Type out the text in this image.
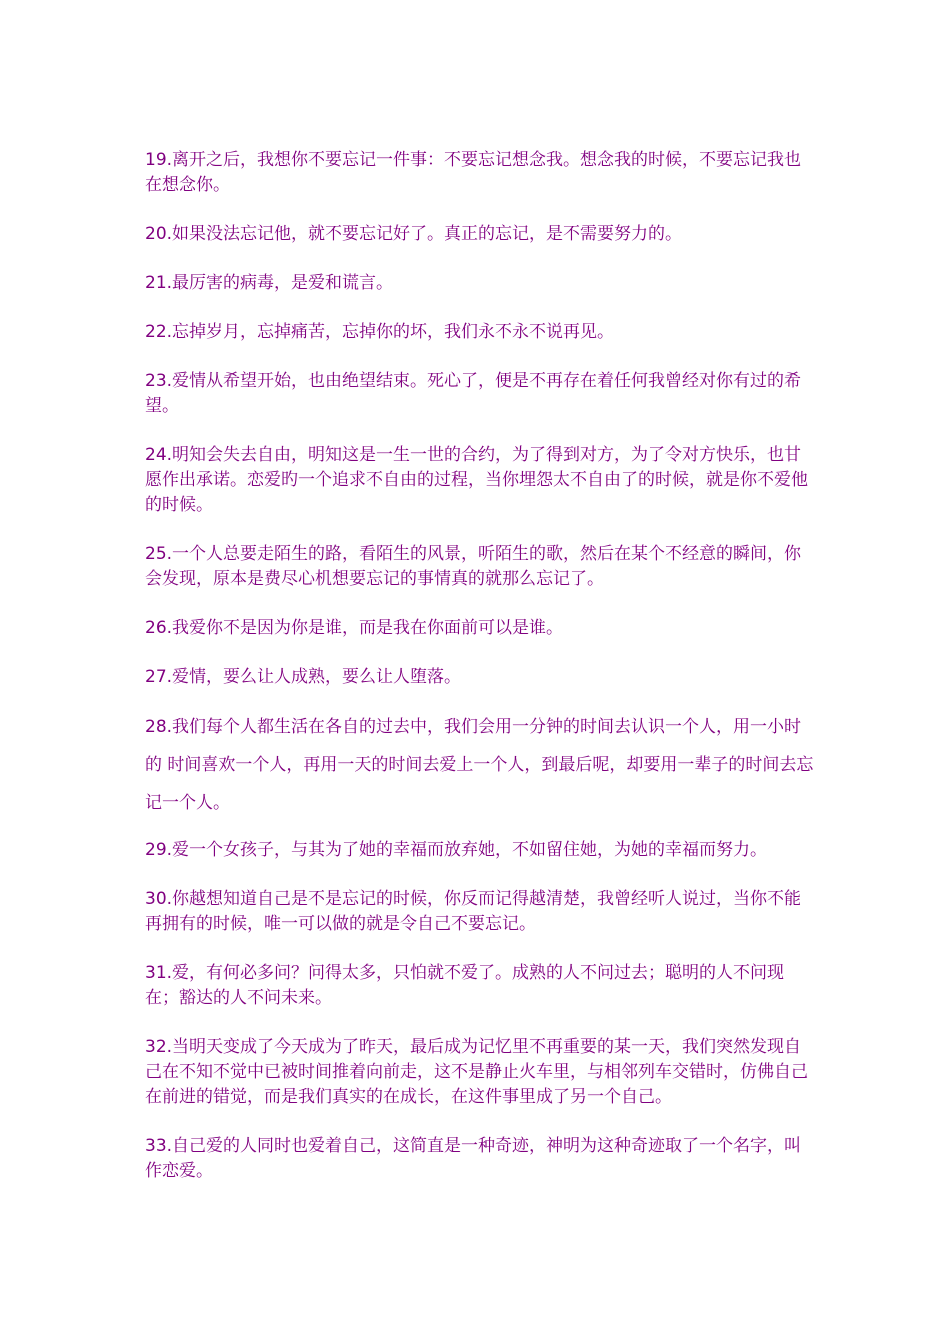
19.离开之后，我想你不要忘记一件事：不要忘记想念我。想念我的时候，不要忘记我也在想念你。

20.如果没法忘记他，就不要忘记好了。真正的忘记，是不需要努力的。

21.最厉害的病毒，是爱和谎言。

22.忘掉岁月，忘掉痛苦，忘掉你的坏，我们永不永不说再见。

23.爱情从希望开始，也由绝望结束。死心了，便是不再存在着任何我曾经对你有过的希望。

24.明知会失去自由，明知这是一生一世的合约，为了得到对方，为了令对方快乐，也甘愿作出承诺。恋爱旳一个追求不自由的过程，当你埋怨太不自由了的时候，就是你不爱他的时候。

25.一个人总要走陌生的路，看陌生的风景，听陌生的歌，然后在某个不经意的瞬间，你会发现，原本是费尽心机想要忘记的事情真的就那么忘记了。

26.我爱你不是因为你是谁，而是我在你面前可以是谁。

27.爱情，要么让人成熟，要么让人堕落。

28.我们每个人都生活在各自的过去中，我们会用一分钟的时间去认识一个人，用一小时的 时间喜欢一个人，再用一天的时间去爱上一个人，到最后呢，却要用一辈子的时间去忘记一个人。

29.爱一个女孩子，与其为了她的幸福而放弃她，不如留住她，为她的幸福而努力。

30.你越想知道自己是不是忘记的时候，你反而记得越清楚，我曾经听人说过，当你不能再拥有的时候，唯一可以做的就是令自己不要忘记。

31.爱，有何必多问？问得太多，只怕就不爱了。成熟的人不问过去；聪明的人不问现在；豁达的人不问未来。

32.当明天变成了今天成为了昨天，最后成为记忆里不再重要的某一天，我们突然发现自己在不知不觉中已被时间推着向前走，这不是静止火车里，与相邻列车交错时，仿佛自己在前进的错觉，而是我们真实的在成长，在这件事里成了另一个自己。

33.自己爱的人同时也爱着自己，这简直是一种奇迹，神明为这种奇迹取了一个名字，叫作恋爱。
